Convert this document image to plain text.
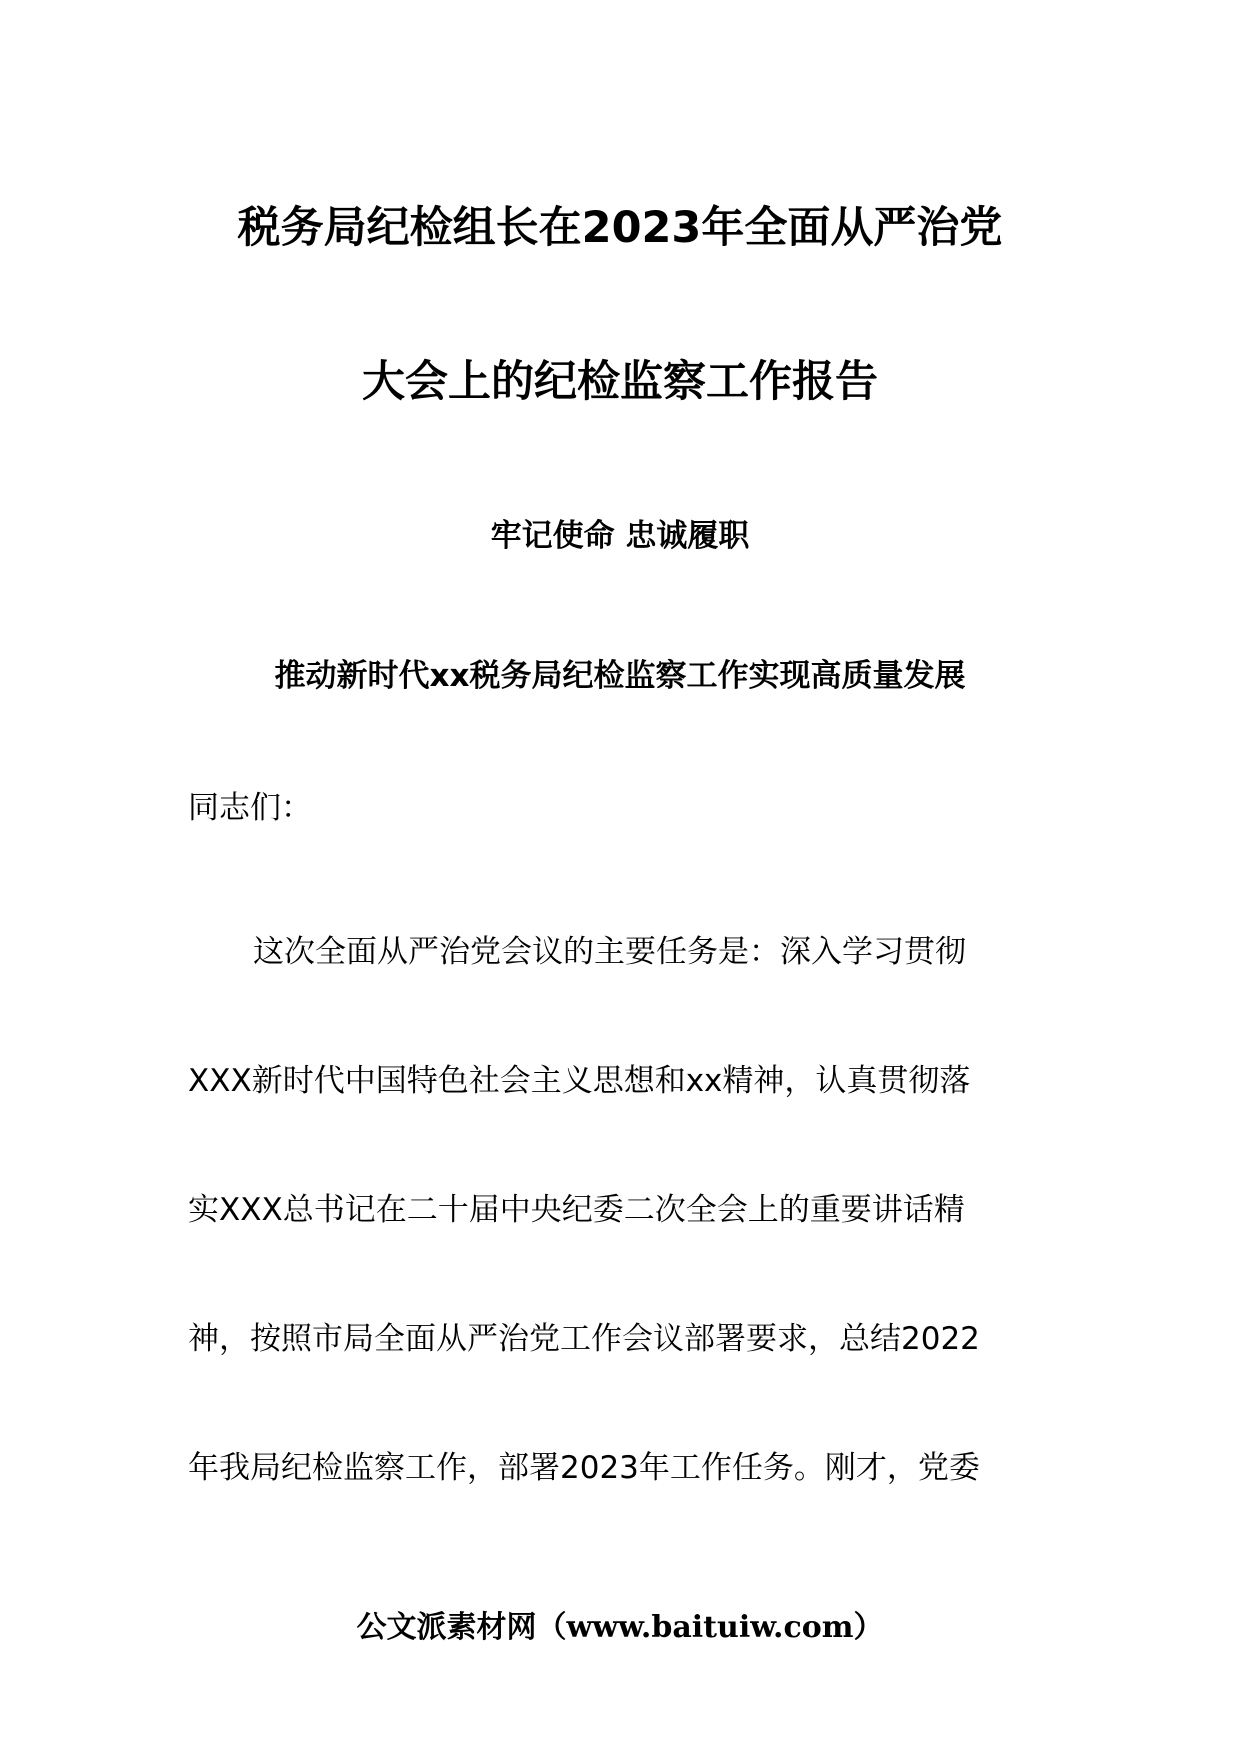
税务局纪检组长在2023年全面从严治党
大会上的纪检监察工作报告
牢记使命 忠诚履职
推动新时代xx税务局纪检监察工作实现高质量发展
同志们：
这次全面从严治党会议的主要任务是：深入学习贯彻
XXX新时代中国特色社会主义思想和xx精神，认真贯彻落
实XXX总书记在二十届中央纪委二次全会上的重要讲话精
神，按照市局全面从严治党工作会议部署要求，总结2022
年我局纪检监察工作，部署2023年工作任务。刚才，党委
公文派素材网（www.baituiw.com）
